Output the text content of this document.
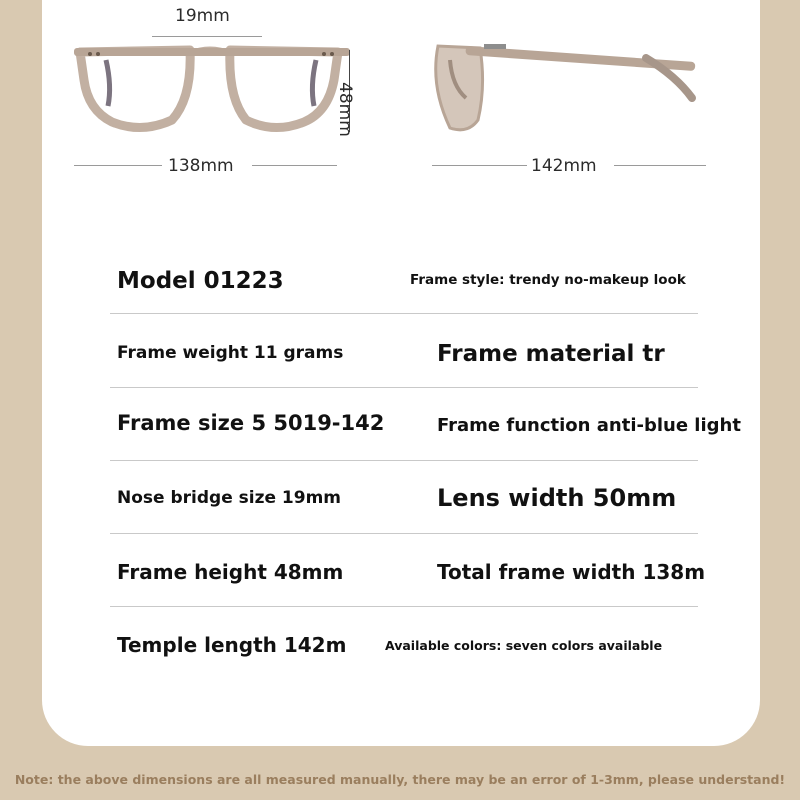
19mm
48mm
138mm	142mm
Model 01223	Frame style: trendy no-makeup look
Frame weight 11 grams	Frame material tr
Frame size 5 5019-142	Frame function anti-blue light
Nose bridge size 19mm	Lens width 50mm
Frame height 48mm	Total frame width 138m
Temple length 142m	Available colors: seven colors available
Note: the above dimensions are all measured manually, there may be an error of 1-3mm, please understand!
